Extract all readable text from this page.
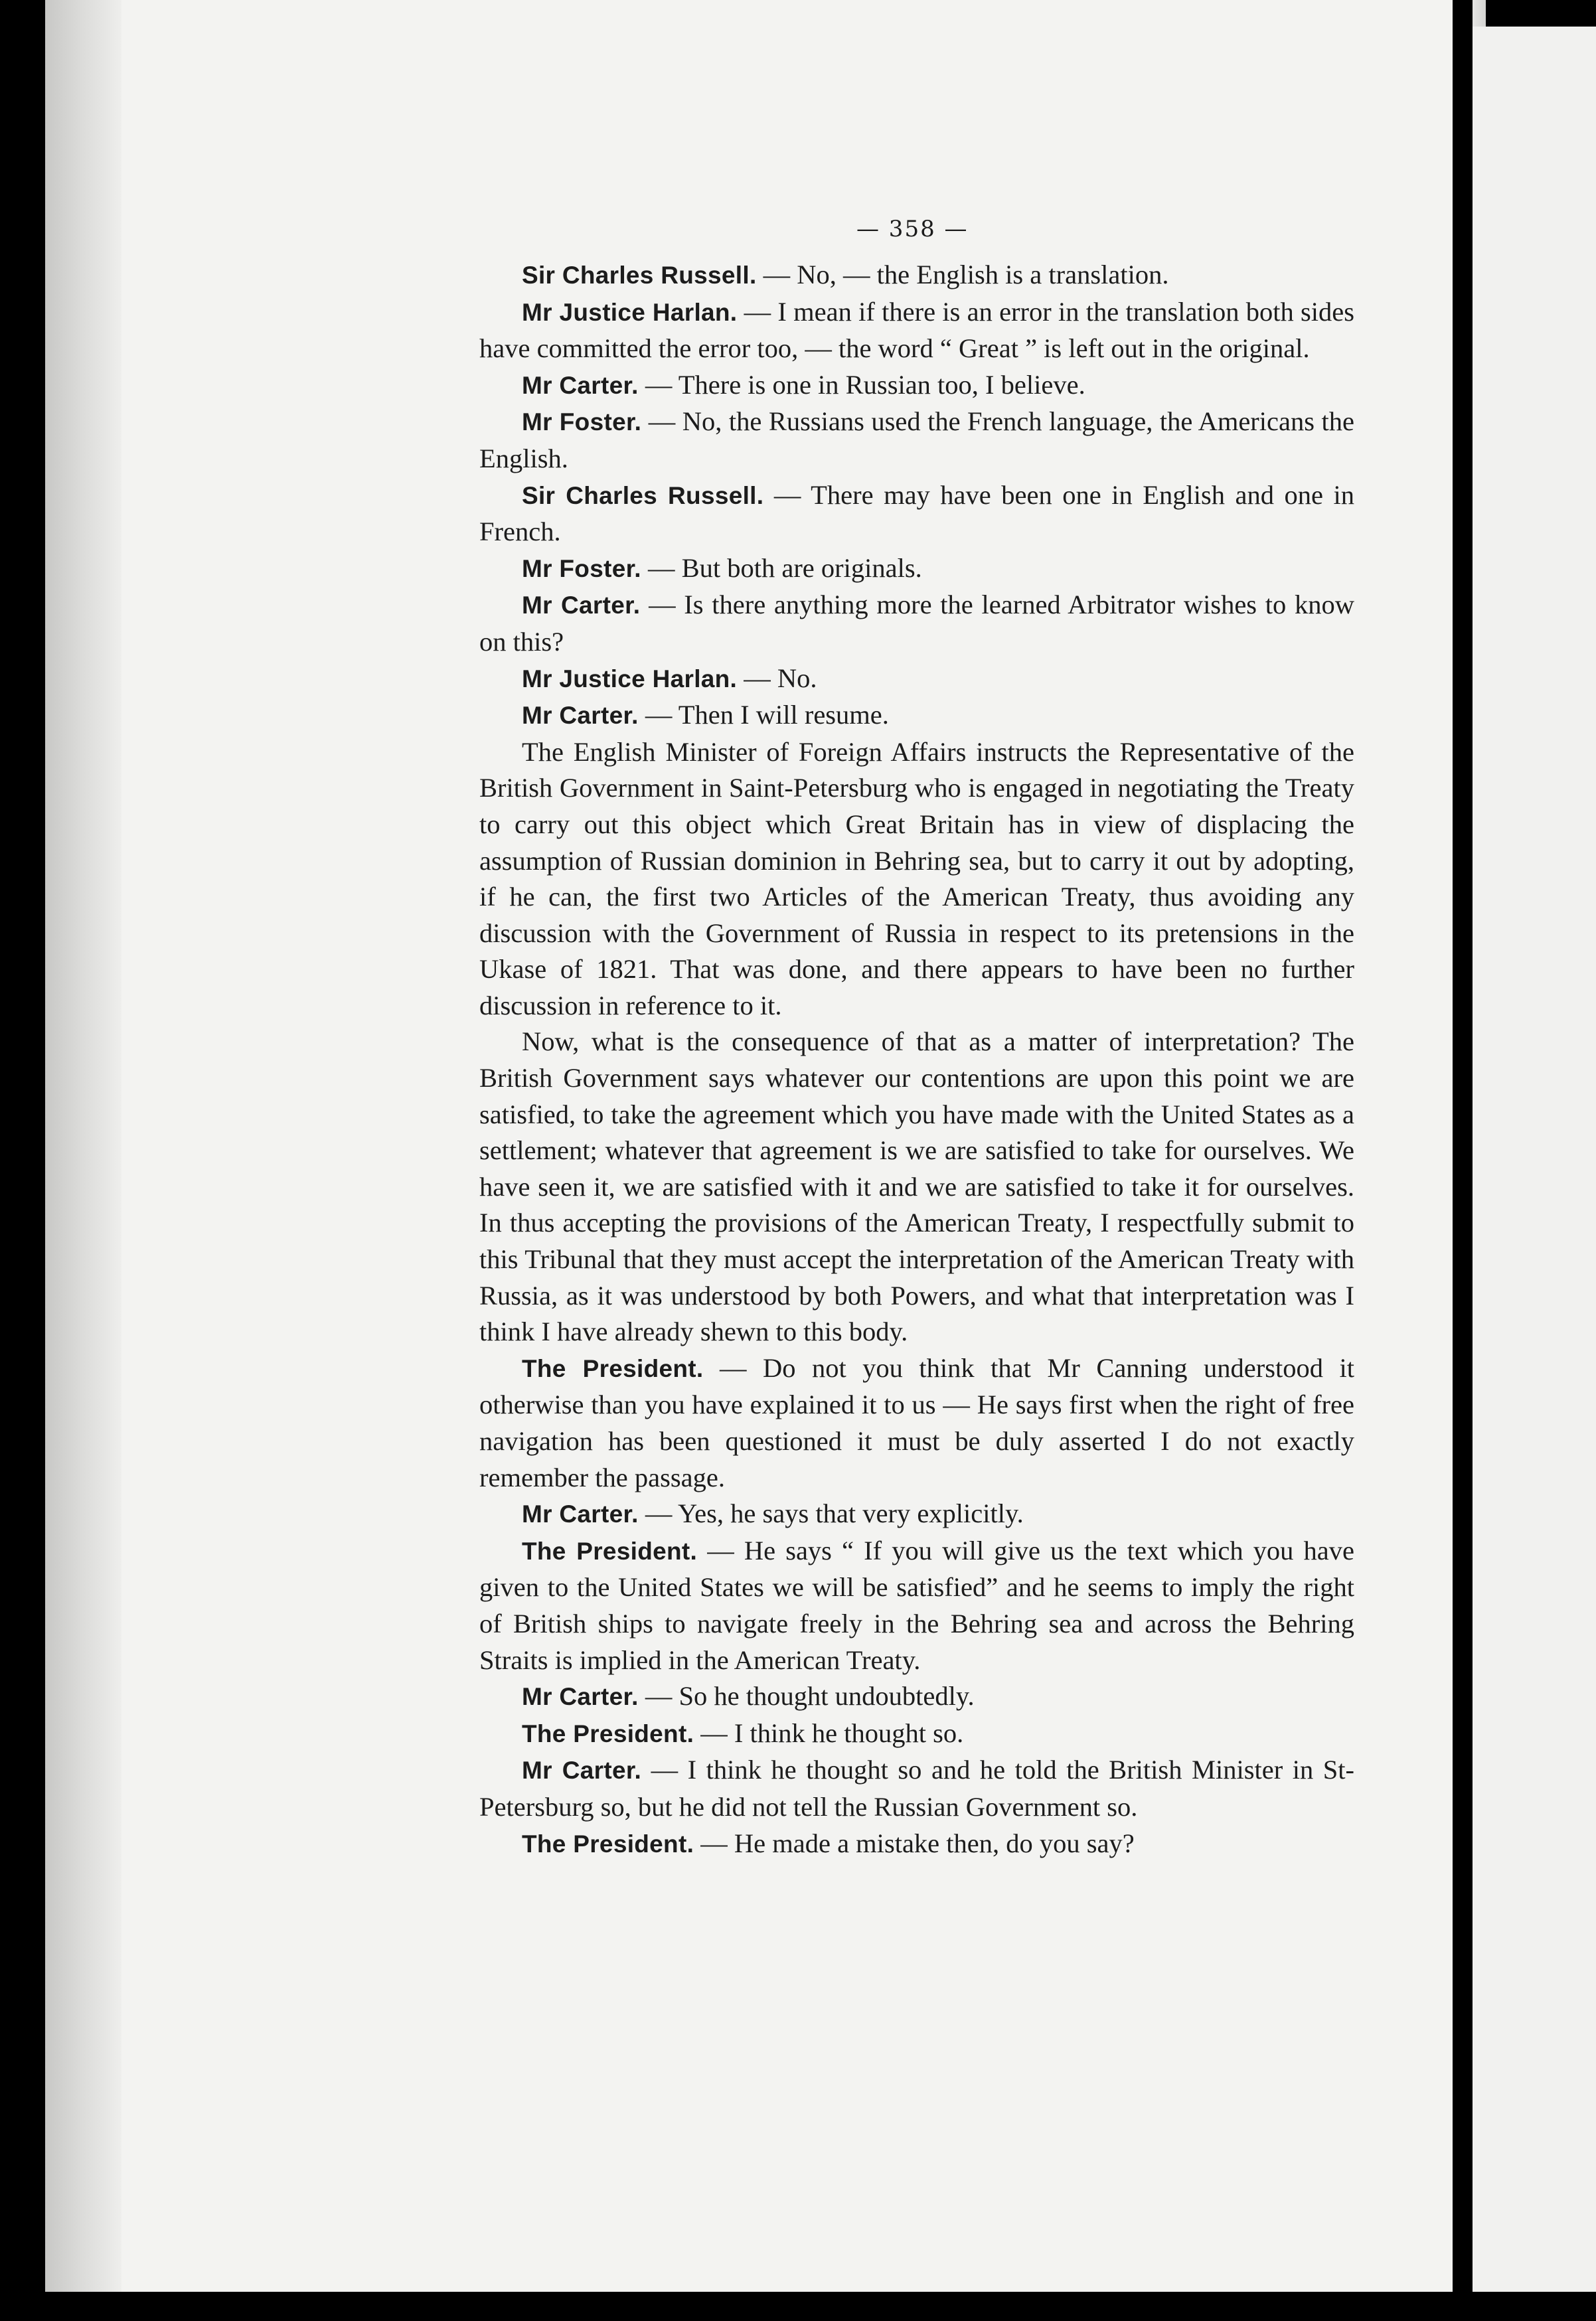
— 358 —

Sir Charles Russell. — No, — the English is a translation.

Mr Justice Harlan. — I mean if there is an error in the translation both sides have committed the error too, — the word “ Great ” is left out in the original.

Mr Carter. — There is one in Russian too, I believe.

Mr Foster. — No, the Russians used the French language, the Americans the English.

Sir Charles Russell. — There may have been one in English and one in French.

Mr Foster. — But both are originals.

Mr Carter. — Is there anything more the learned Arbitrator wishes to know on this?

Mr Justice Harlan. — No.

Mr Carter. — Then I will resume.

The English Minister of Foreign Affairs instructs the Representative of the British Government in Saint-Petersburg who is engaged in negotiating the Treaty to carry out this object which Great Britain has in view of displacing the assumption of Russian dominion in Behring sea, but to carry it out by adopting, if he can, the first two Articles of the American Treaty, thus avoiding any discussion with the Government of Russia in respect to its pretensions in the Ukase of 1821. That was done, and there appears to have been no further discussion in reference to it.

Now, what is the consequence of that as a matter of interpretation? The British Government says whatever our contentions are upon this point we are satisfied, to take the agreement which you have made with the United States as a settlement; whatever that agreement is we are satisfied to take for ourselves. We have seen it, we are satisfied with it and we are satisfied to take it for ourselves. In thus accepting the provisions of the American Treaty, I respectfully submit to this Tribunal that they must accept the interpretation of the American Treaty with Russia, as it was understood by both Powers, and what that interpretation was I think I have already shewn to this body.

The President. — Do not you think that Mr Canning understood it otherwise than you have explained it to us — He says first when the right of free navigation has been questioned it must be duly asserted I do not exactly remember the passage.

Mr Carter. — Yes, he says that very explicitly.

The President. — He says “ If you will give us the text which you have given to the United States we will be satisfied” and he seems to imply the right of British ships to navigate freely in the Behring sea and across the Behring Straits is implied in the American Treaty.

Mr Carter. — So he thought undoubtedly.

The President. — I think he thought so.

Mr Carter. — I think he thought so and he told the British Minister in St-Petersburg so, but he did not tell the Russian Government so.

The President. — He made a mistake then, do you say?
